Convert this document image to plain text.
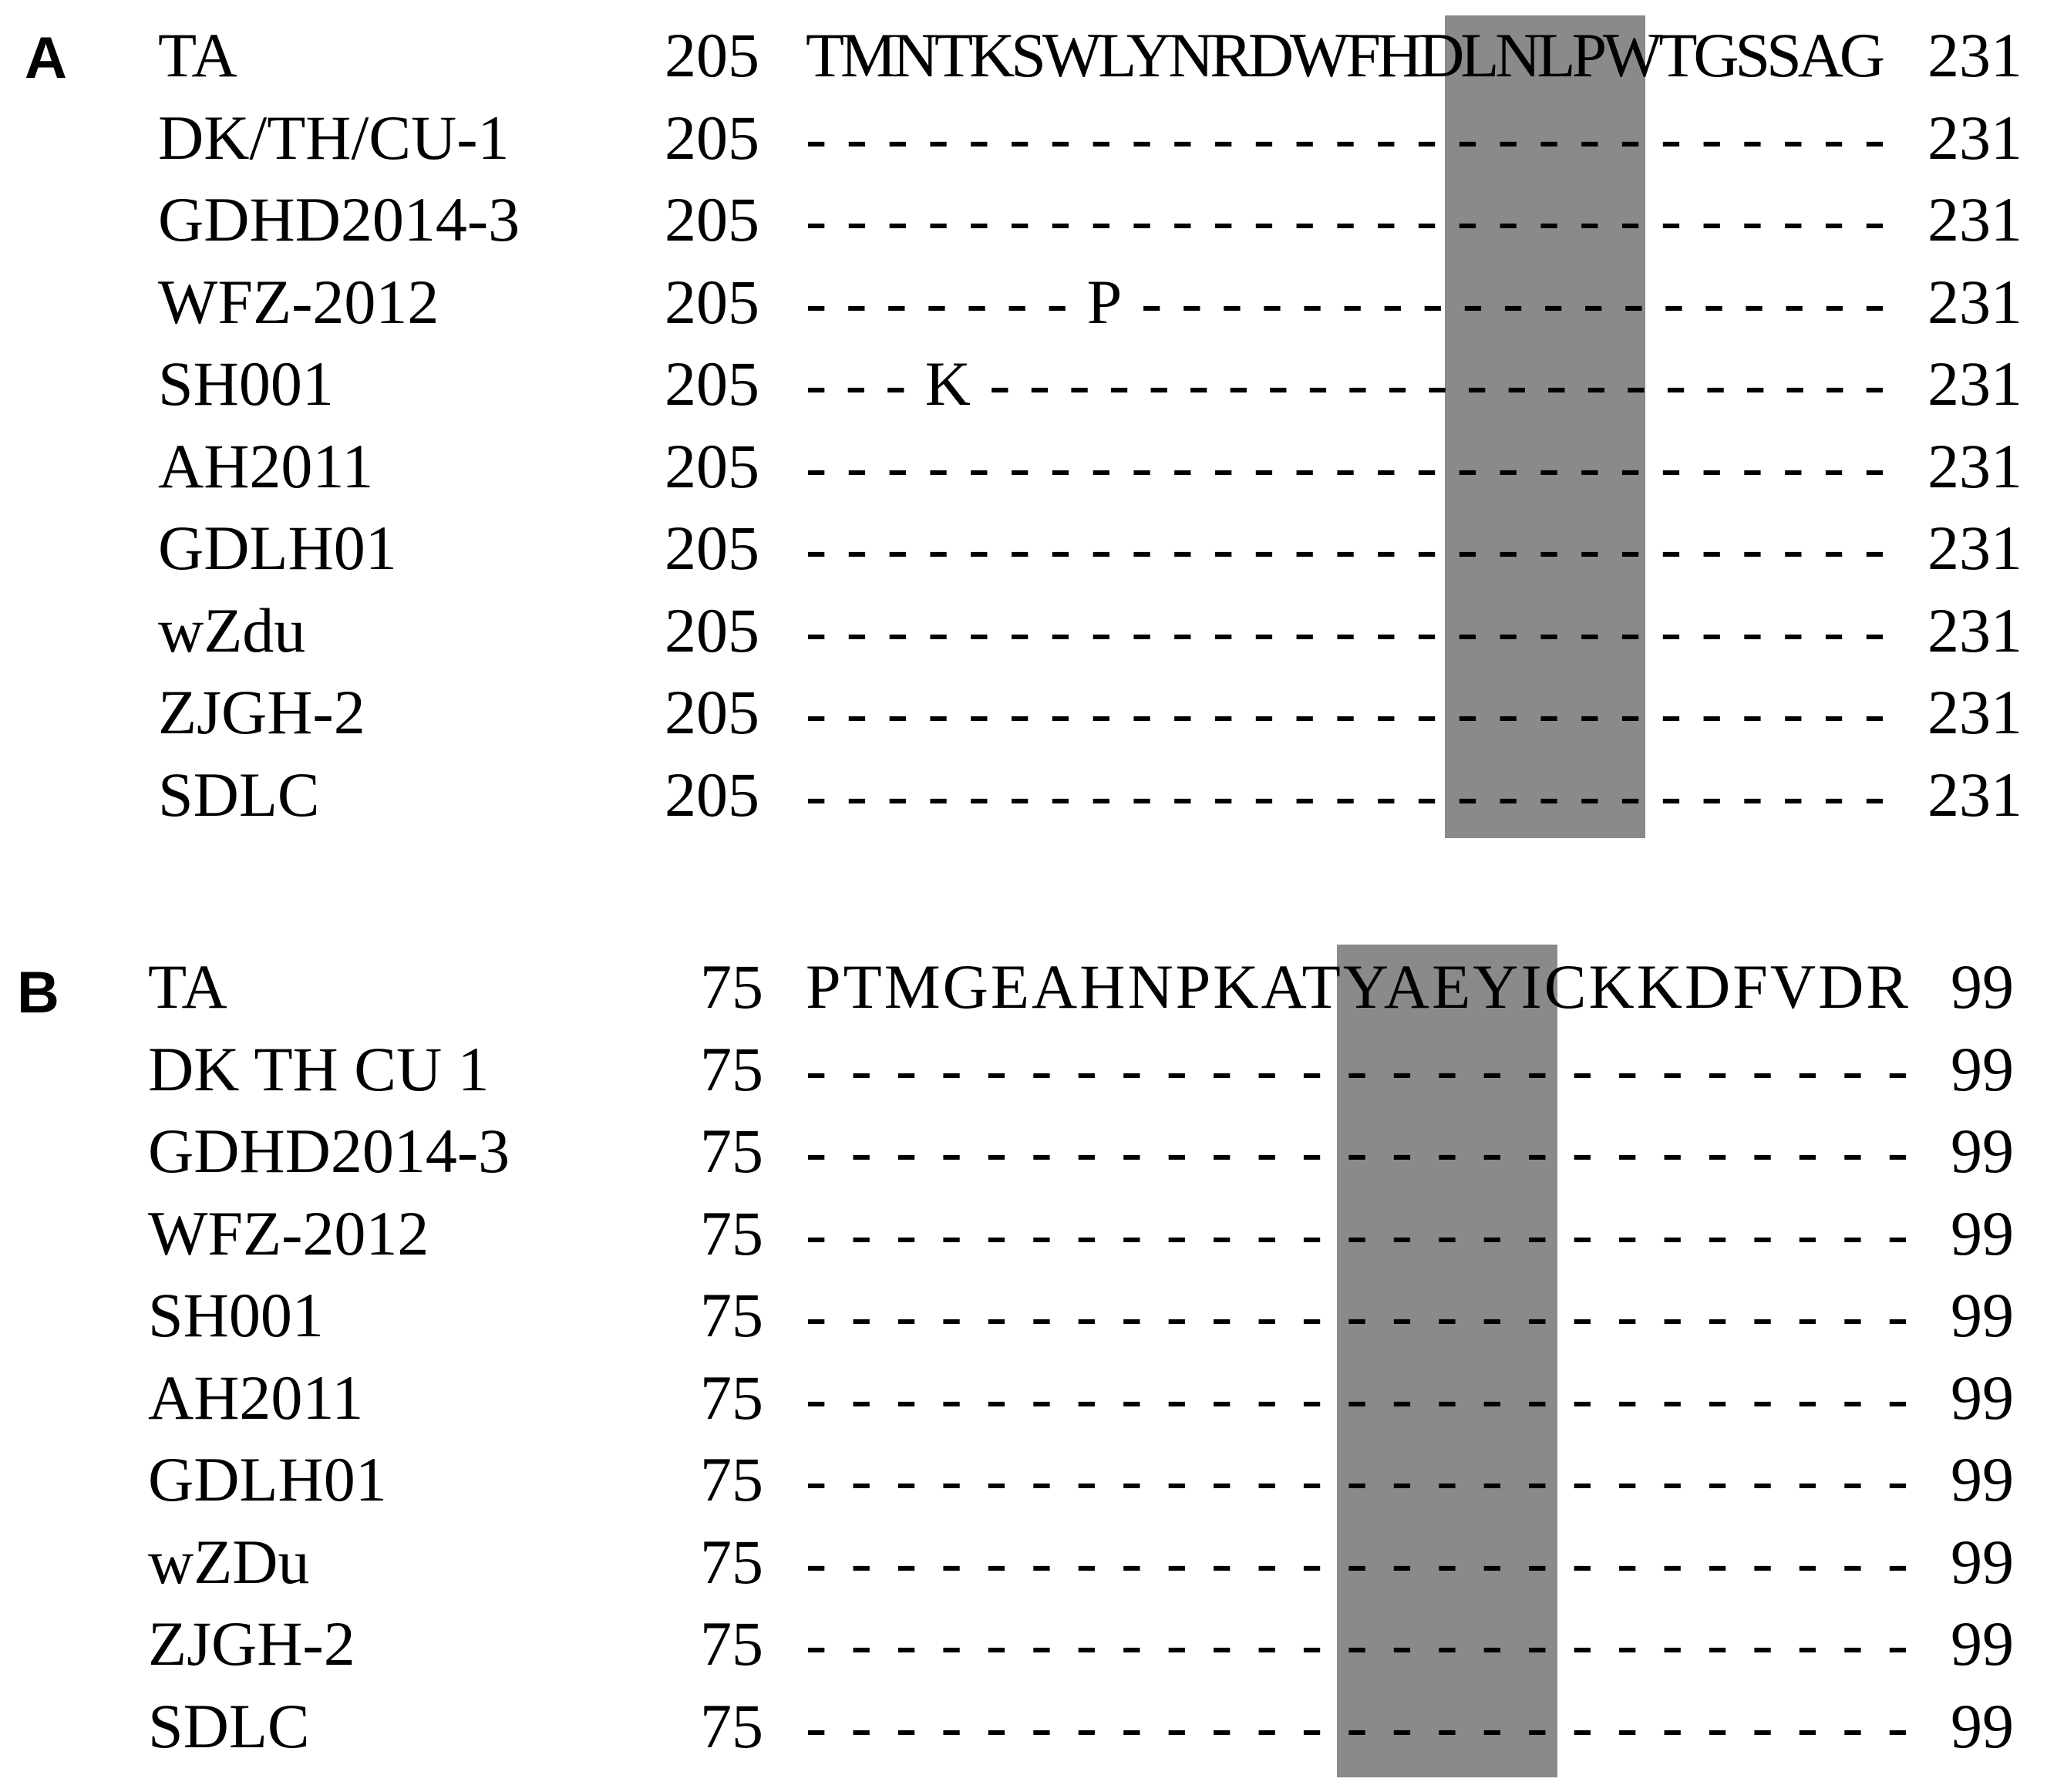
A
B
TA	205 TMNTKSWLYNRDWFHDLNLPWTGSSAG 231
DK/TH/CU-1 205 --------------------------- 231
GDHD2014-3 205 --------------------------- 231
WFZ-2012	205 -------P------------------- 231
SH001	205 ---K----------------------- 231
AH2011	205 --------------------------- 231
GDLH01	205 --------------------------- 231
wZdu	205 --------------------------- 231
ZJGH-2	205 --------------------------- 231
SDLC	205 --------------------------- 231
TA	75 PTMGEAHNPKATYAEYICKKDFVDR 99
DK TH CU 1	75 ------------------------- 99
GDHD2014-3	75 ------------------------- 99
WFZ-2012	75 ------------------------- 99
SH001	75 ------------------------- 99
AH2011	75 ------------------------- 99
GDLH01	75 ------------------------- 99
wZDu	75 ------------------------- 99
ZJGH-2	75 ------------------------- 99
SDLC	75 ------------------------- 99
